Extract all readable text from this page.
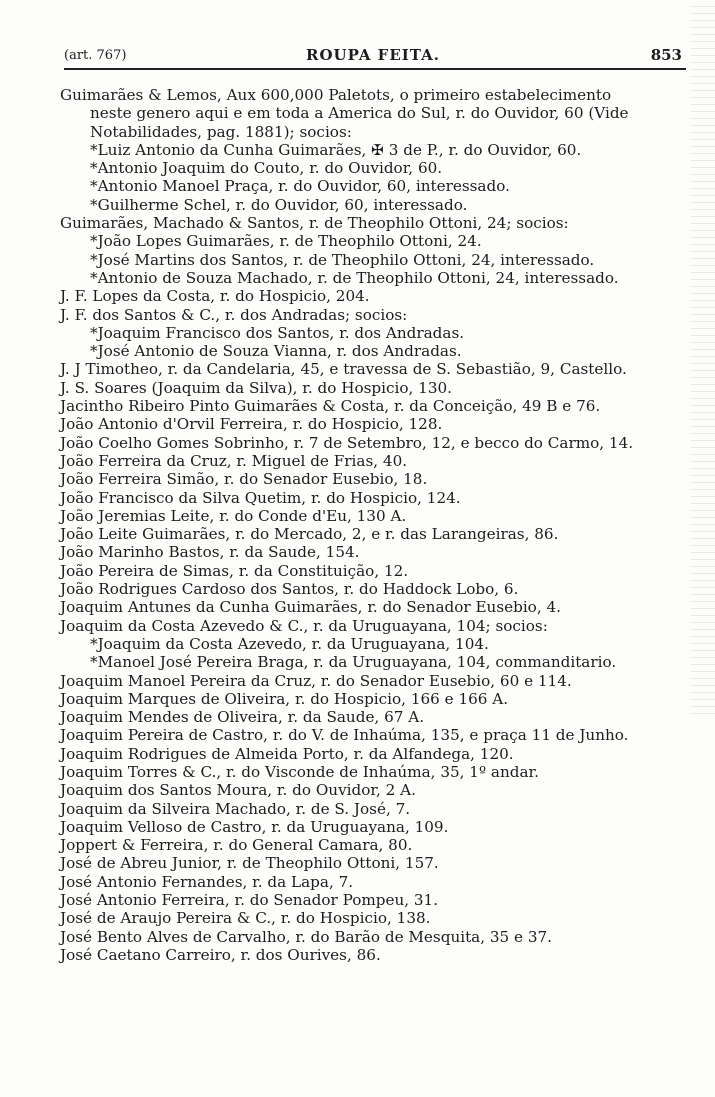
(art. 767)	ROUPA FEITA.	853
Guimarães & Lemos, Aux 600,000 Paletots, o primeiro estabelecimento
neste genero aqui e em toda a America do Sul, r. do Ouvidor, 60 (Vide
Notabilidades, pag. 1881); socios:
*Luiz Antonio da Cunha Guimarães, ✠ 3 de P., r. do Ouvidor, 60.
*Antonio Joaquim do Couto, r. do Ouvidor, 60.
*Antonio Manoel Praça, r. do Ouvidor, 60, interessado.
*Guilherme Schel, r. do Ouvidor, 60, interessado.
Guimarães, Machado & Santos, r. de Theophilo Ottoni, 24; socios:
*João Lopes Guimarães, r. de Theophilo Ottoni, 24.
*José Martins dos Santos, r. de Theophilo Ottoni, 24, interessado.
*Antonio de Souza Machado, r. de Theophilo Ottoni, 24, interessado.
J. F. Lopes da Costa, r. do Hospicio, 204.
J. F. dos Santos & C., r. dos Andradas; socios:
*Joaquim Francisco dos Santos, r. dos Andradas.
*José Antonio de Souza Vianna, r. dos Andradas.
J. J Timotheo, r. da Candelaria, 45, e travessa de S. Sebastião, 9, Castello.
J. S. Soares (Joaquim da Silva), r. do Hospicio, 130.
Jacintho Ribeiro Pinto Guimarães & Costa, r. da Conceição, 49 B e 76.
João Antonio d'Orvil Ferreira, r. do Hospicio, 128.
João Coelho Gomes Sobrinho, r. 7 de Setembro, 12, e becco do Carmo, 14.
João Ferreira da Cruz, r. Miguel de Frias, 40.
João Ferreira Simão, r. do Senador Eusebio, 18.
João Francisco da Silva Quetim, r. do Hospicio, 124.
João Jeremias Leite, r. do Conde d'Eu, 130 A.
João Leite Guimarães, r. do Mercado, 2, e r. das Larangeiras, 86.
João Marinho Bastos, r. da Saude, 154.
João Pereira de Simas, r. da Constituição, 12.
João Rodrigues Cardoso dos Santos, r. do Haddock Lobo, 6.
Joaquim Antunes da Cunha Guimarães, r. do Senador Eusebio, 4.
Joaquim da Costa Azevedo & C., r. da Uruguayana, 104; socios:
*Joaquim da Costa Azevedo, r. da Uruguayana, 104.
*Manoel José Pereira Braga, r. da Uruguayana, 104, commanditario.
Joaquim Manoel Pereira da Cruz, r. do Senador Eusebio, 60 e 114.
Joaquim Marques de Oliveira, r. do Hospicio, 166 e 166 A.
Joaquim Mendes de Oliveira, r. da Saude, 67 A.
Joaquim Pereira de Castro, r. do V. de Inhaúma, 135, e praça 11 de Junho.
Joaquim Rodrigues de Almeida Porto, r. da Alfandega, 120.
Joaquim Torres & C., r. do Visconde de Inhaúma, 35, 1º andar.
Joaquim dos Santos Moura, r. do Ouvidor, 2 A.
Joaquim da Silveira Machado, r. de S. José, 7.
Joaquim Velloso de Castro, r. da Uruguayana, 109.
Joppert & Ferreira, r. do General Camara, 80.
José de Abreu Junior, r. de Theophilo Ottoni, 157.
José Antonio Fernandes, r. da Lapa, 7.
José Antonio Ferreira, r. do Senador Pompeu, 31.
José de Araujo Pereira & C., r. do Hospicio, 138.
José Bento Alves de Carvalho, r. do Barão de Mesquita, 35 e 37.
José Caetano Carreiro, r. dos Ourives, 86.
